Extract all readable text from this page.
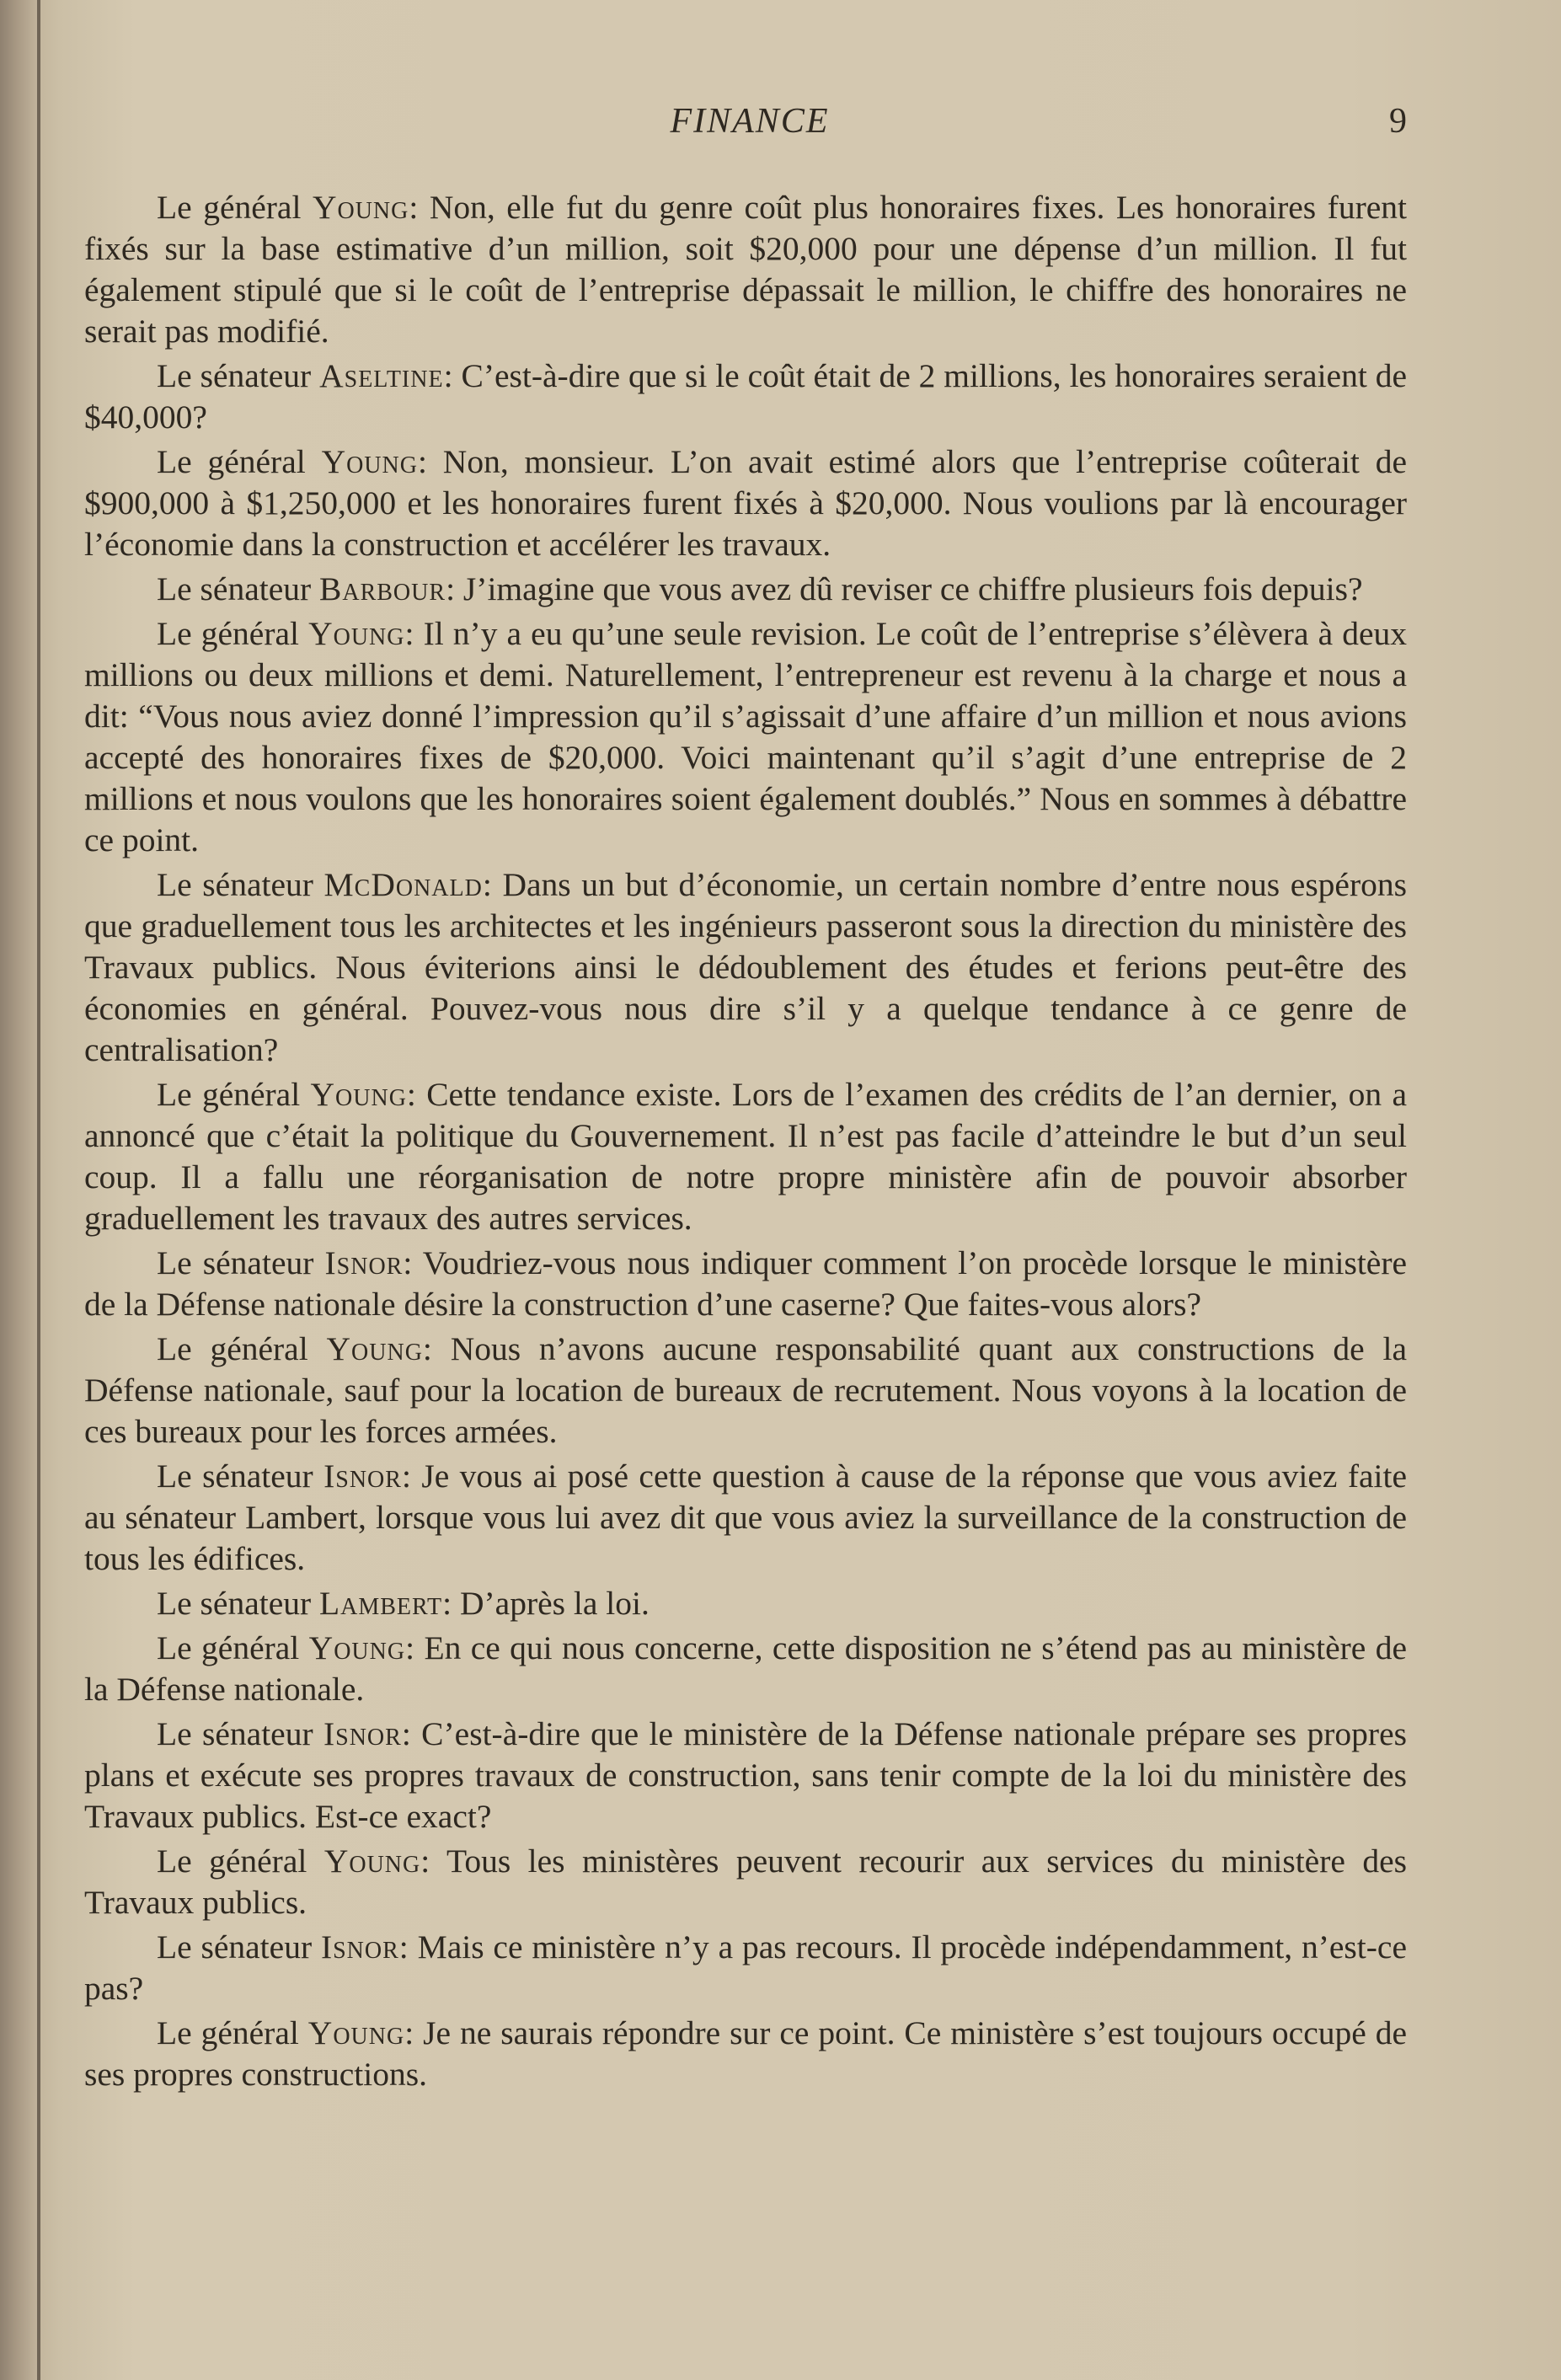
FINANCE	9

Le général Young: Non, elle fut du genre coût plus honoraires fixes. Les honoraires furent fixés sur la base estimative d’un million, soit $20,000 pour une dépense d’un million. Il fut également stipulé que si le coût de l’entreprise dépassait le million, le chiffre des honoraires ne serait pas modifié.

Le sénateur Aseltine: C’est-à-dire que si le coût était de 2 millions, les honoraires seraient de $40,000?

Le général Young: Non, monsieur. L’on avait estimé alors que l’entreprise coûterait de $900,000 à $1,250,000 et les honoraires furent fixés à $20,000. Nous voulions par là encourager l’économie dans la construction et accélérer les travaux.

Le sénateur Barbour: J’imagine que vous avez dû reviser ce chiffre plusieurs fois depuis?

Le général Young: Il n’y a eu qu’une seule revision. Le coût de l’entreprise s’élèvera à deux millions ou deux millions et demi. Naturellement, l’entrepreneur est revenu à la charge et nous a dit: “Vous nous aviez donné l’impression qu’il s’agissait d’une affaire d’un million et nous avions accepté des honoraires fixes de $20,000. Voici maintenant qu’il s’agit d’une entreprise de 2 millions et nous voulons que les honoraires soient également doublés.” Nous en sommes à débattre ce point.

Le sénateur McDonald: Dans un but d’économie, un certain nombre d’entre nous espérons que graduellement tous les architectes et les ingénieurs passeront sous la direction du ministère des Travaux publics. Nous éviterions ainsi le dédoublement des études et ferions peut-être des économies en général. Pouvez-vous nous dire s’il y a quelque tendance à ce genre de centralisation?

Le général Young: Cette tendance existe. Lors de l’examen des crédits de l’an dernier, on a annoncé que c’était la politique du Gouvernement. Il n’est pas facile d’atteindre le but d’un seul coup. Il a fallu une réorganisation de notre propre ministère afin de pouvoir absorber graduellement les travaux des autres services.

Le sénateur Isnor: Voudriez-vous nous indiquer comment l’on procède lorsque le ministère de la Défense nationale désire la construction d’une caserne? Que faites-vous alors?

Le général Young: Nous n’avons aucune responsabilité quant aux constructions de la Défense nationale, sauf pour la location de bureaux de recrutement. Nous voyons à la location de ces bureaux pour les forces armées.

Le sénateur Isnor: Je vous ai posé cette question à cause de la réponse que vous aviez faite au sénateur Lambert, lorsque vous lui avez dit que vous aviez la surveillance de la construction de tous les édifices.

Le sénateur Lambert: D’après la loi.

Le général Young: En ce qui nous concerne, cette disposition ne s’étend pas au ministère de la Défense nationale.

Le sénateur Isnor: C’est-à-dire que le ministère de la Défense nationale prépare ses propres plans et exécute ses propres travaux de construction, sans tenir compte de la loi du ministère des Travaux publics. Est-ce exact?

Le général Young: Tous les ministères peuvent recourir aux services du ministère des Travaux publics.

Le sénateur Isnor: Mais ce ministère n’y a pas recours. Il procède indépendamment, n’est-ce pas?

Le général Young: Je ne saurais répondre sur ce point. Ce ministère s’est toujours occupé de ses propres constructions.
